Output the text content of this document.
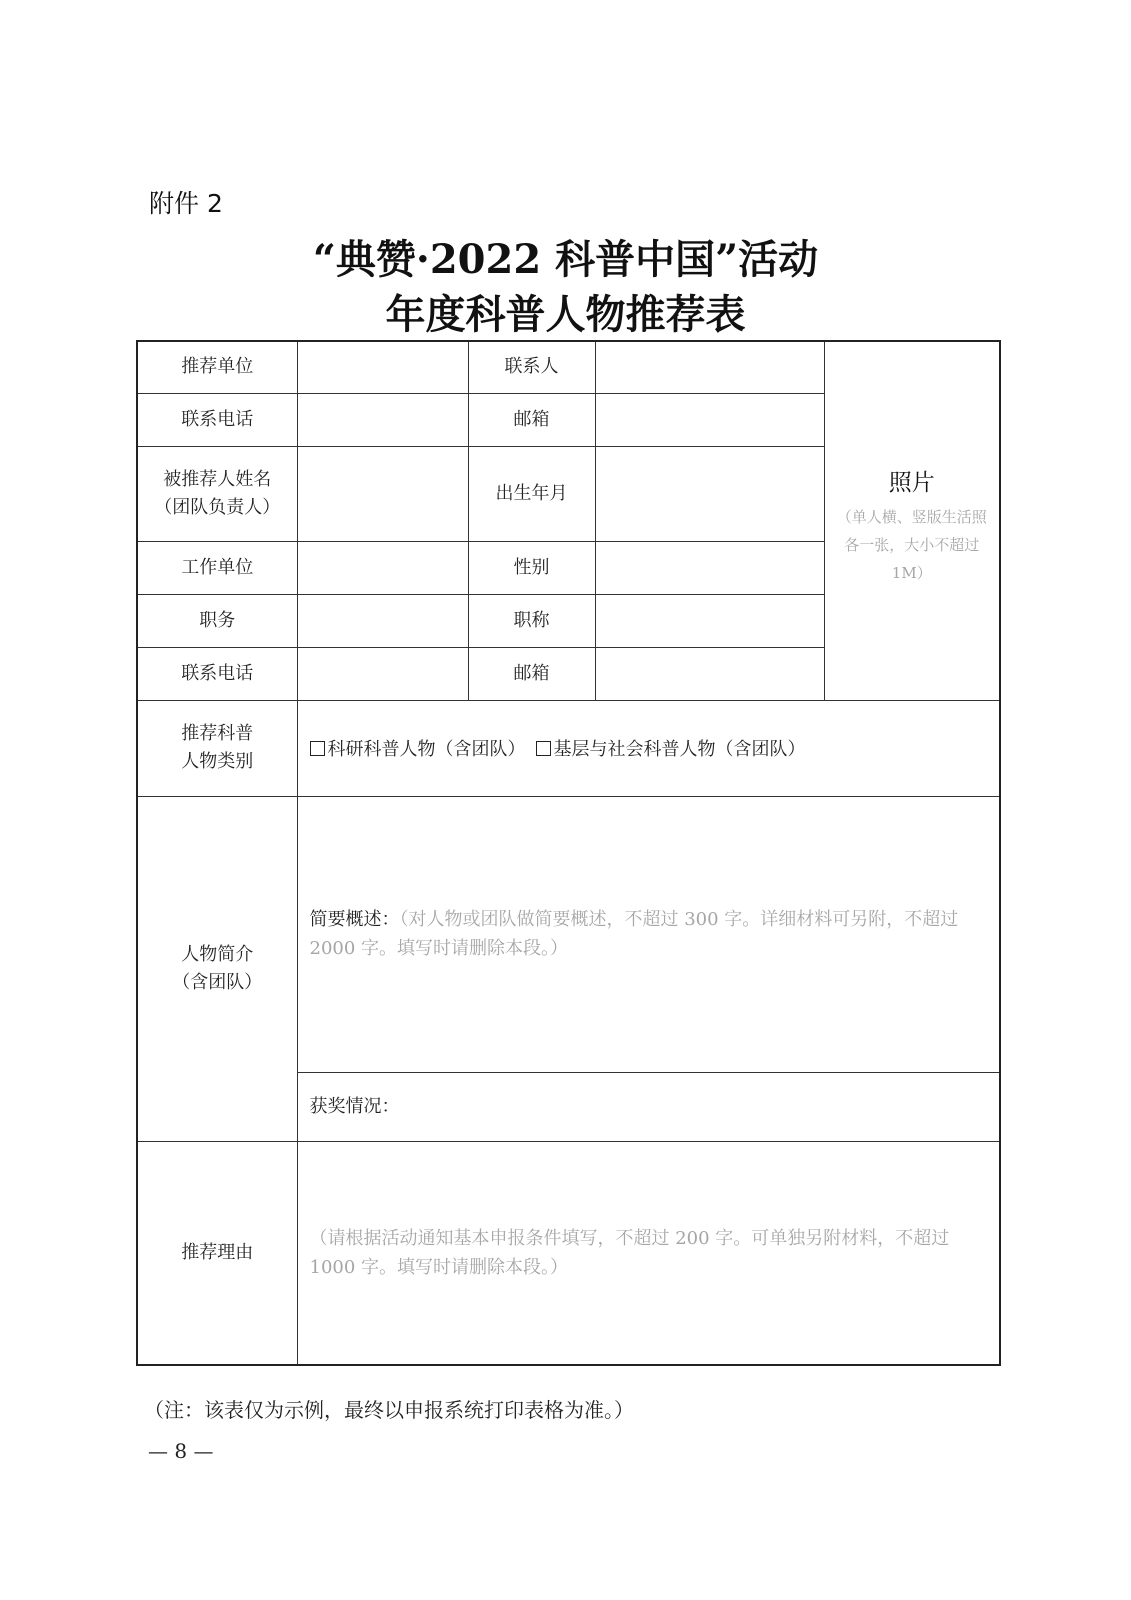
附件 2
“典赞·2022 科普中国”活动
年度科普人物推荐表
推荐单位		联系人		照片
（单人横、竖版生活照各一张，大小不超过 1M）

联系电话		邮箱		
被推荐人姓名
（团队负责人）		出生年月		
工作单位		性别		
职务		职称		
联系电话		邮箱		
推荐科普
人物类别	科研科普人物（含团队） 基层与社会科普人物（含团队）			
人物简介
（含团队）	简要概述：（对人物或团队做简要概述，不超过 300 字。详细材料可另附，不超过 2000 字。填写时请删除本段。）			
	获奖情况：			
推荐理由	（请根据活动通知基本申报条件填写，不超过 200 字。可单独另附材料，不超过 1000 字。填写时请删除本段。）			
（注：该表仅为示例，最终以申报系统打印表格为准。）
— 8 —
